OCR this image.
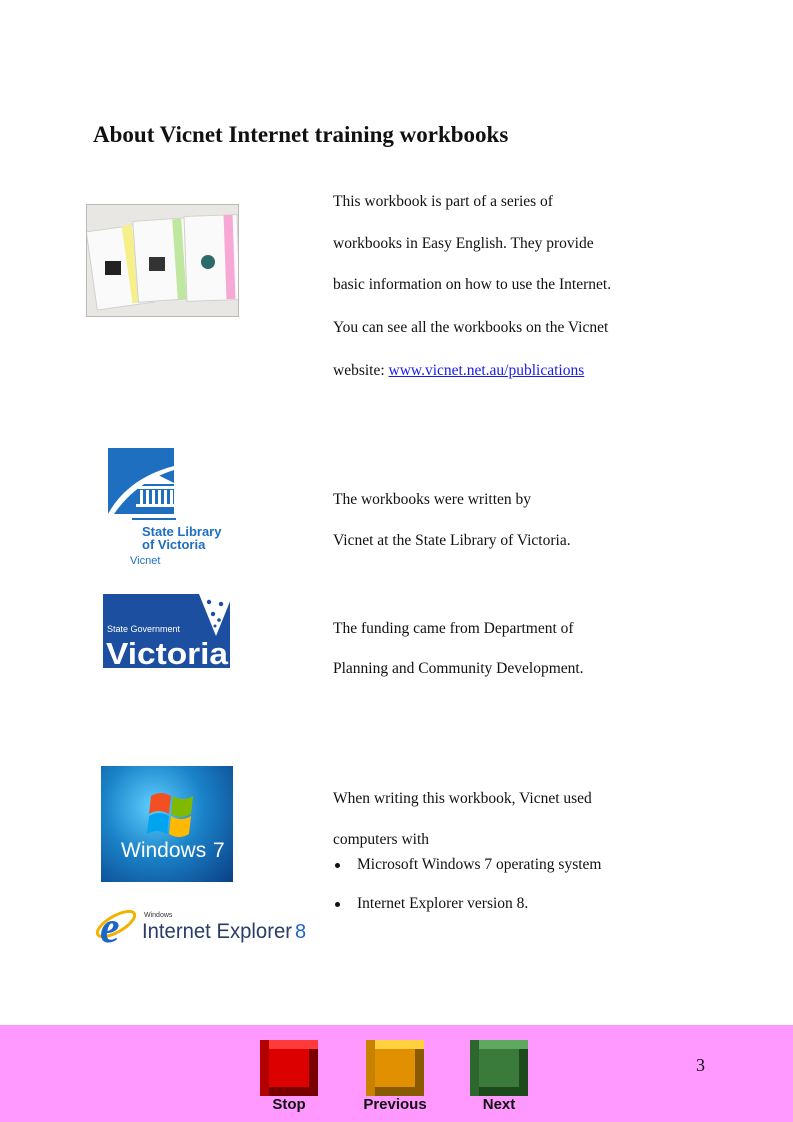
About Vicnet Internet training workbooks
This workbook is part of a series of
workbooks in Easy English. They provide
basic information on how to use the Internet.
You can see all the workbooks on the Vicnet
website: www.vicnet.net.au/publications
State Library
of Victoria
Vicnet
The workbooks were written by
Vicnet at the State Library of Victoria.
State Government
Victoria
The funding came from Department of
Planning and Community Development.
Windows 7
e	Windows
Internet Explorer 8
When writing this workbook, Vicnet used
computers with
Microsoft Windows 7 operating system
Internet Explorer version 8.
Stop	Previous	Next
3
